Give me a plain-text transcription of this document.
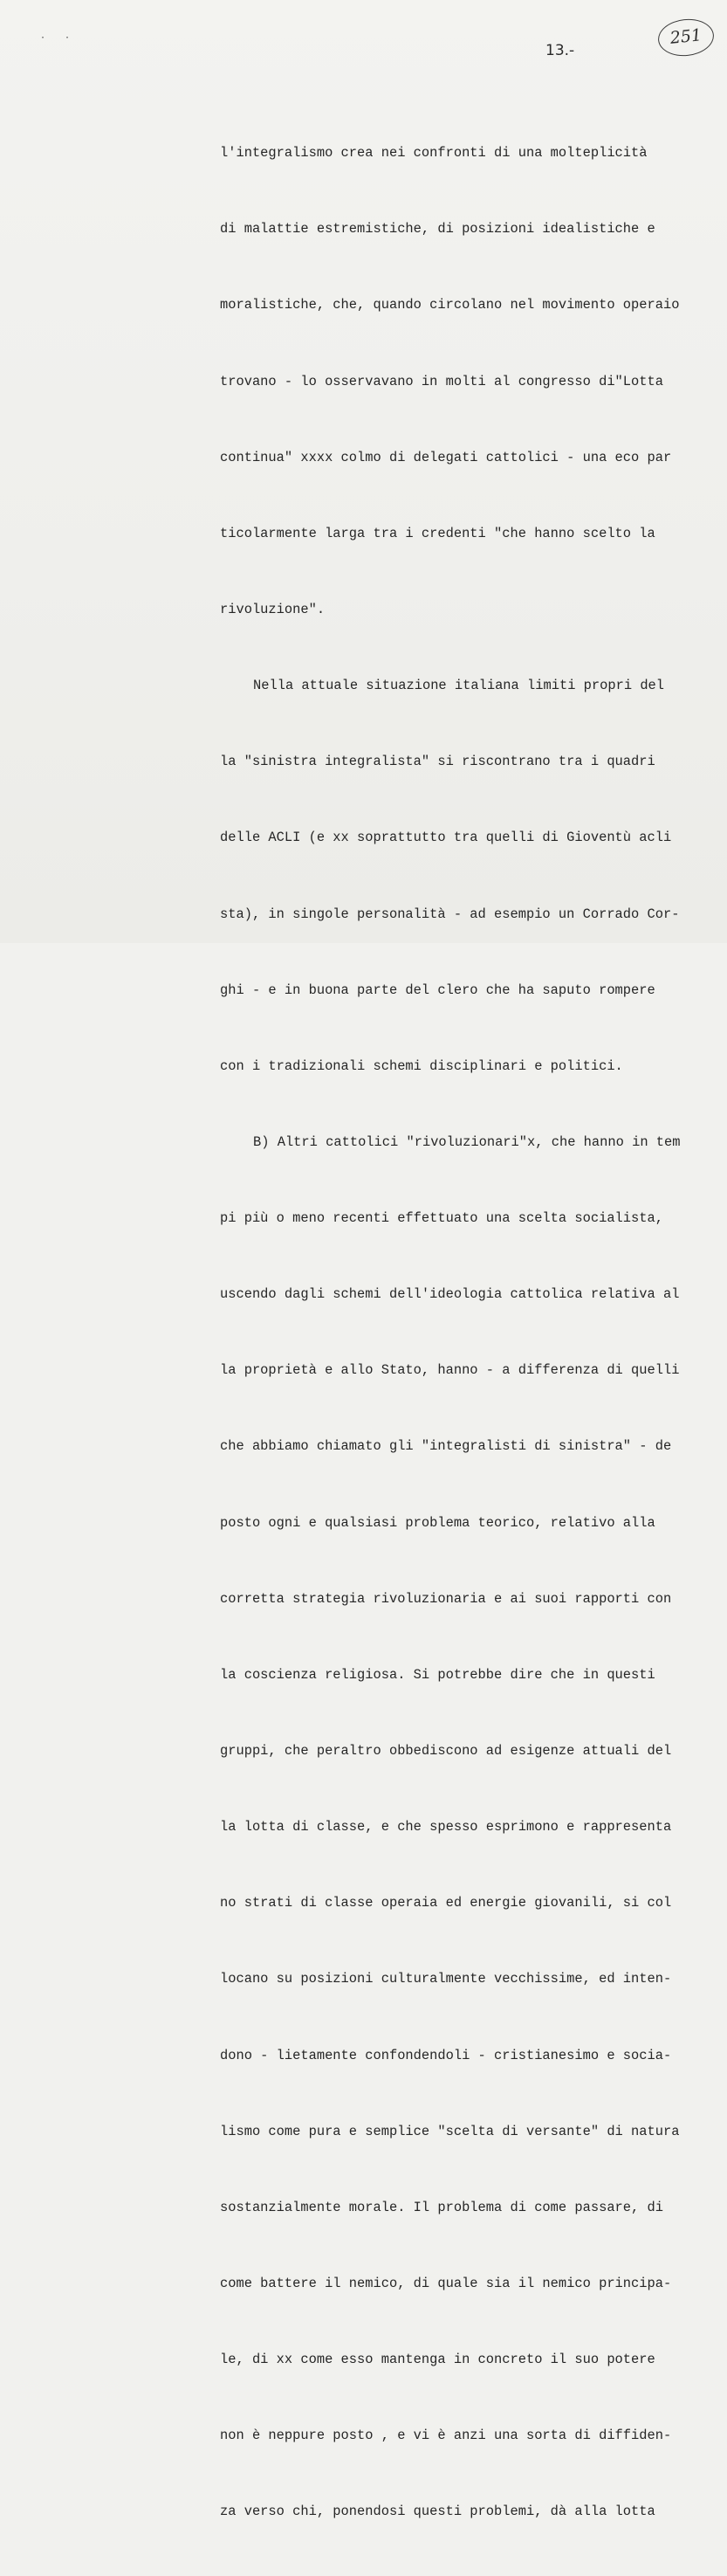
· ·
13.-
251

l'integralismo crea nei confronti di una molteplicità

di malattie estremistiche, di posizioni idealistiche e

moralistiche, che, quando circolano nel movimento operaio

trovano - lo osservavano in molti al congresso di"Lotta

continua" xxxx colmo di delegati cattolici - una eco par

ticolarmente larga tra i credenti "che hanno scelto la

rivoluzione".

Nella attuale situazione italiana limiti propri del

la "sinistra integralista" si riscontrano tra i quadri

delle ACLI (e xx soprattutto tra quelli di Gioventù acli

sta), in singole personalità - ad esempio un Corrado Cor-

ghi - e in buona parte del clero che ha saputo rompere

con i tradizionali schemi disciplinari e politici.

B) Altri cattolici "rivoluzionari"x, che hanno in tem

pi più o meno recenti effettuato una scelta socialista,

uscendo dagli schemi dell'ideologia cattolica relativa al

la proprietà e allo Stato, hanno - a differenza di quelli

che abbiamo chiamato gli "integralisti di sinistra" - de

posto ogni e qualsiasi problema teorico, relativo alla

corretta strategia rivoluzionaria e ai suoi rapporti con

la coscienza religiosa. Si potrebbe dire che in questi

gruppi, che peraltro obbediscono ad esigenze attuali del

la lotta di classe, e che spesso esprimono e rappresenta

no strati di classe operaia ed energie giovanili, si col

locano su posizioni culturalmente vecchissime, ed inten-

dono - lietamente confondendoli - cristianesimo e socia-

lismo come pura e semplice "scelta di versante" di natura

sostanzialmente morale. Il problema di come passare, di

come battere il nemico, di quale sia il nemico principa-

le, di xx come esso mantenga in concreto il suo potere

non è neppure posto , e vi è anzi una sorta di diffiden-

za verso chi, ponendosi questi problemi, dà alla lotta
